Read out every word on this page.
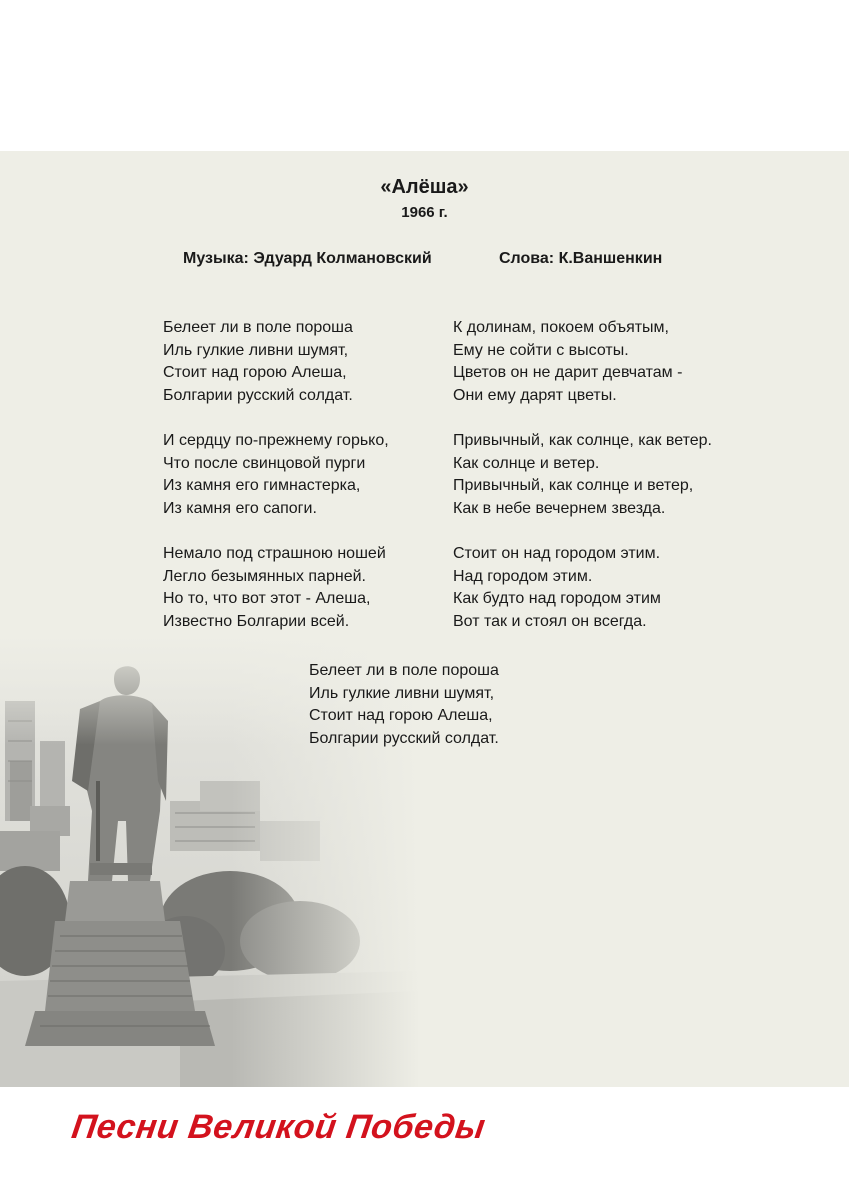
«Алёша»
1966 г.
Музыка: Эдуард Колмановский	Слова: К.Ваншенкин
Белеет ли в поле пороша
Иль гулкие ливни шумят,
Стоит над горою Алеша,
Болгарии русский солдат.
И сердцу по-прежнему горько,
Что после свинцовой пурги
Из камня его гимнастерка,
Из камня его сапоги.
Немало под страшною ношей
Легло безымянных парней.
Но то, что вот этот - Алеша,
Известно Болгарии всей.
К долинам, покоем объятым,
Ему не сойти с высоты.
Цветов он не дарит девчатам -
Они ему дарят цветы.
Привычный, как солнце, как ветер.
Как солнце и ветер.
Привычный, как солнце и ветер,
Как в небе вечернем звезда.
Стоит он над городом этим.
Над городом этим.
Как будто над городом этим
Вот так и стоял он всегда.
Белеет ли в поле пороша
Иль гулкие ливни шумят,
Стоит над горою Алеша,
Болгарии русский солдат.
Песни Великой Победы
